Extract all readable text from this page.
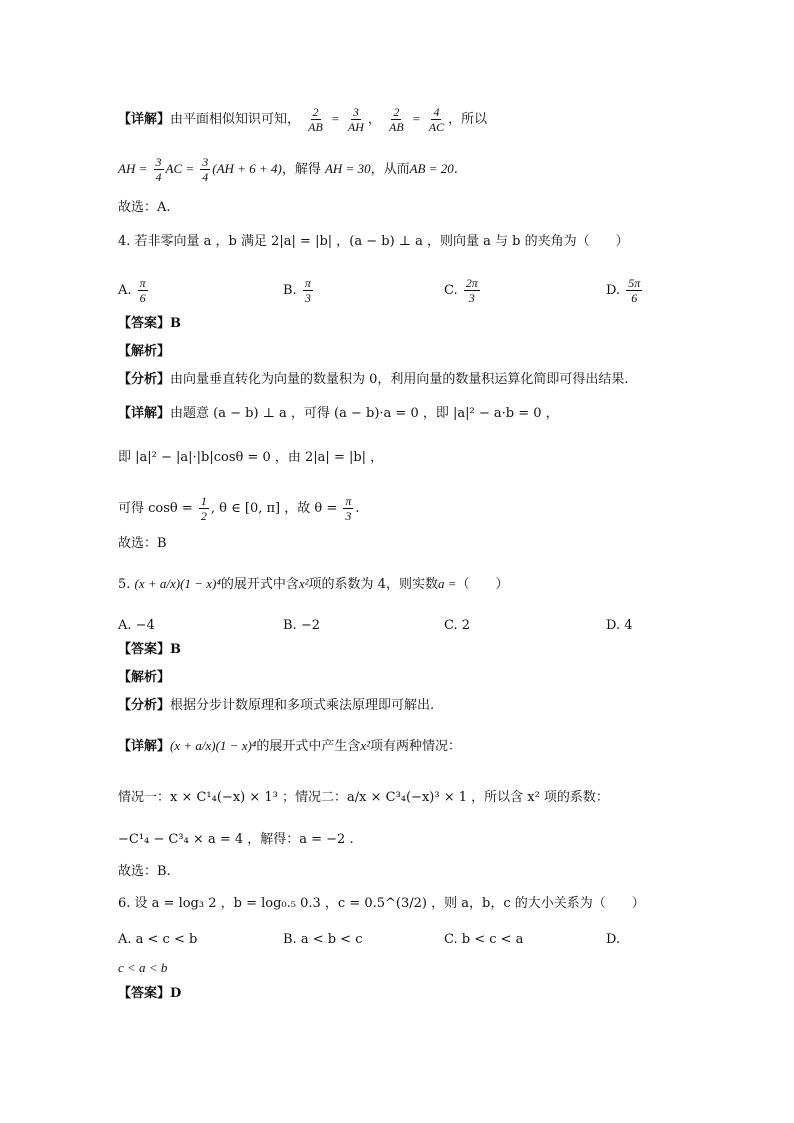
【详解】由平面相似知识可知， $\frac{2}{AB} = \frac{3}{AH}$ ， $\frac{2}{AB} = \frac{4}{AC}$ ，所以
AH = $\frac{3}{4}$ AC = $\frac{3}{4} (AH + 6 + 4)$，解得 AH = 30，从而AB = 20.
故选：A.
4. 若非零向量 a ，b 满足 2|a| = |b| ，(a − b) ⊥ a ，则向量 a 与 b 的夹角为（　　）
A. $\frac{\pi}{6}$	B. $\frac{\pi}{3}$	C. $\frac{2\pi}{3}$	D. $\frac{5\pi}{6}$
【答案】B
【解析】
【分析】由向量垂直转化为向量的数量积为 0，利用向量的数量积运算化简即可得出结果.
【详解】由题意 (a − b) ⊥ a ，可得 (a − b)·a = 0 ，即 |a|² − a·b = 0 ，
即 |a|² − |a|·|b|cosθ = 0 ，由 2|a| = |b| ，
可得 $\cos\theta = \frac{1}{2}$ , θ ∈ [0, π] ，故 $\theta = \frac{\pi}{3}$ .
故选：B
5. (x + a/x)(1 − x)⁴的展开式中含x²项的系数为 4，则实数a =（　　）
A. −4	B. −2	C. 2	D. 4
【答案】B
【解析】
【分析】根据分步计数原理和多项式乘法原理即可解出.
【详解】(x + a/x)(1 − x)⁴的展开式中产生含x²项有两种情况：
情况一：x × C¹₄(−x) × 1³ ；情况二：a/x × C³₄(−x)³ × 1 ，所以含 x² 项的系数：
−C¹₄ − C³₄ × a = 4 ，解得：a = −2 .
故选：B.
6. 设 a = log₃ 2 ，b = log₀.₅ 0.3 ，c = 0.5^(3/2) ，则 a，b，c 的大小关系为（　　）
A. a < c < b	B. a < b < c	C. b < c < a	D.
c < a < b
【答案】D
